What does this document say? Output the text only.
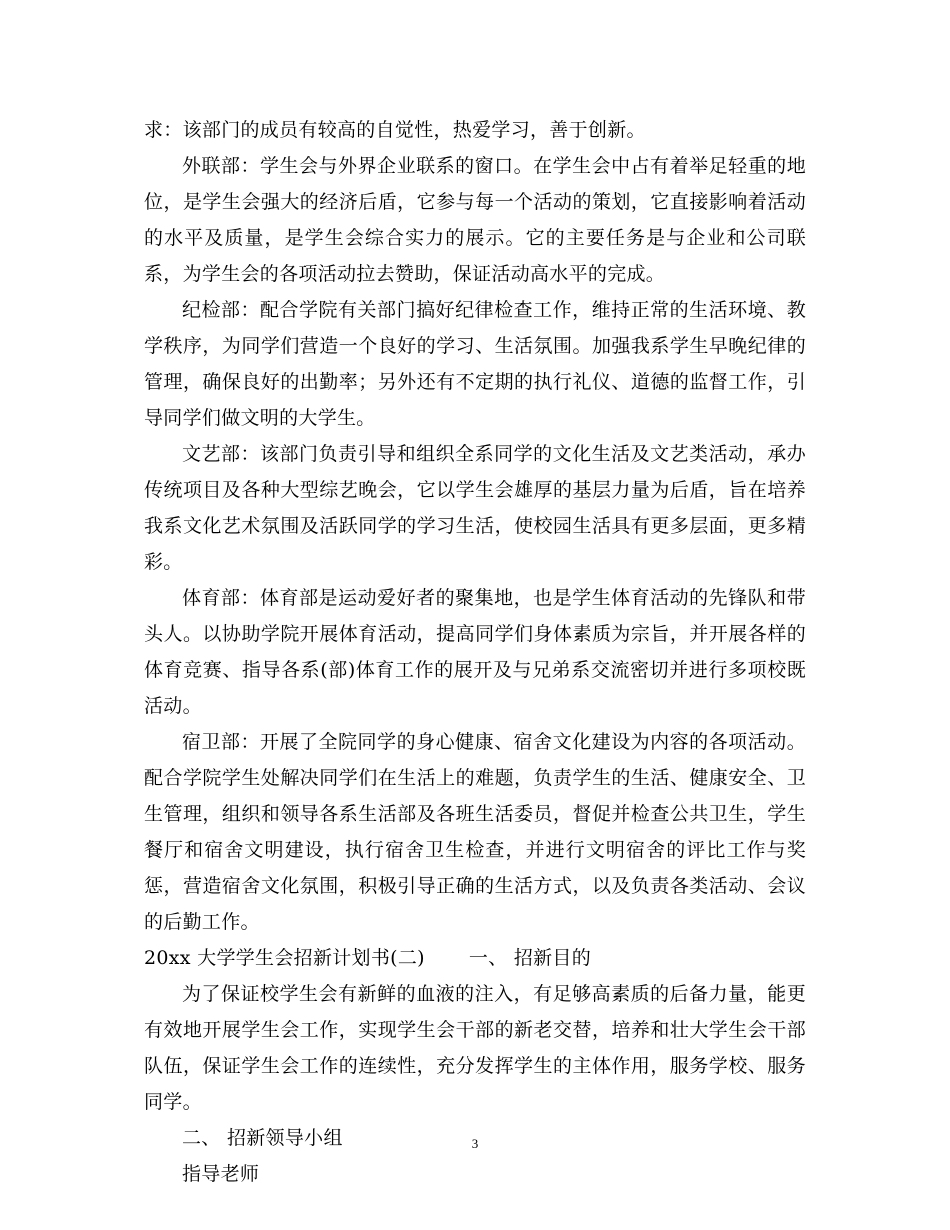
求：该部门的成员有较高的自觉性，热爱学习，善于创新。

外联部：学生会与外界企业联系的窗口。在学生会中占有着举足轻重的地位，是学生会强大的经济后盾，它参与每一个活动的策划，它直接影响着活动的水平及质量，是学生会综合实力的展示。它的主要任务是与企业和公司联系，为学生会的各项活动拉去赞助，保证活动高水平的完成。

纪检部：配合学院有关部门搞好纪律检查工作，维持正常的生活环境、教学秩序，为同学们营造一个良好的学习、生活氛围。加强我系学生早晚纪律的管理，确保良好的出勤率；另外还有不定期的执行礼仪、道德的监督工作，引导同学们做文明的大学生。

文艺部：该部门负责引导和组织全系同学的文化生活及文艺类活动，承办传统项目及各种大型综艺晚会，它以学生会雄厚的基层力量为后盾，旨在培养我系文化艺术氛围及活跃同学的学习生活，使校园生活具有更多层面，更多精彩。

体育部：体育部是运动爱好者的聚集地，也是学生体育活动的先锋队和带头人。以协助学院开展体育活动，提高同学们身体素质为宗旨，并开展各样的体育竞赛、指导各系(部)体育工作的展开及与兄弟系交流密切并进行多项校既活动。

宿卫部：开展了全院同学的身心健康、宿舍文化建设为内容的各项活动。配合学院学生处解决同学们在生活上的难题，负责学生的生活、健康安全、卫生管理，组织和领导各系生活部及各班生活委员，督促并检查公共卫生，学生餐厅和宿舍文明建设，执行宿舍卫生检查，并进行文明宿舍的评比工作与奖惩，营造宿舍文化氛围，积极引导正确的生活方式，以及负责各类活动、会议的后勤工作。

20xx 大学学生会招新计划书(二) 一、 招新目的

为了保证校学生会有新鲜的血液的注入，有足够高素质的后备力量，能更有效地开展学生会工作，实现学生会干部的新老交替，培养和壮大学生会干部队伍，保证学生会工作的连续性，充分发挥学生的主体作用，服务学校、服务同学。

二、 招新领导小组

指导老师

3
